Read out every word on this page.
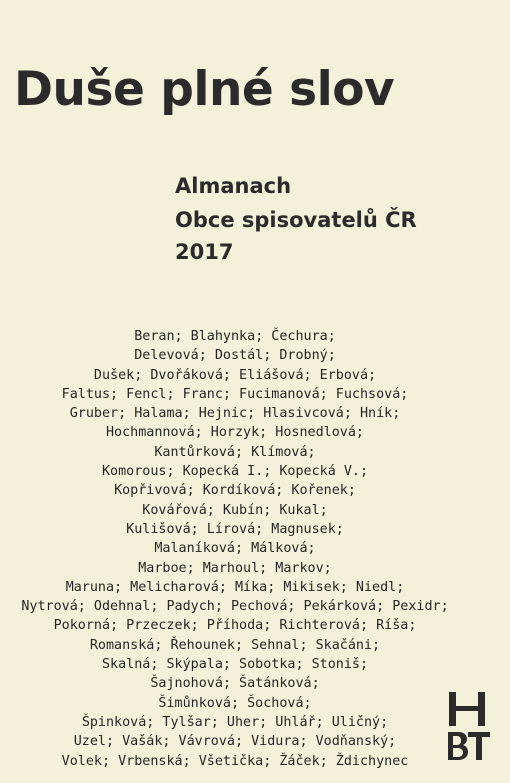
Duše plné slov

Almanach

Obce spisovatelů ČR

2017

Beran; Blahynka; Čechura;
Delevová; Dostál; Drobný;
Dušek; Dvořáková; Eliášová; Erbová;
Faltus; Fencl; Franc; Fucimanová; Fuchsová;
Gruber; Halama; Hejnic; Hlasivcová; Hník;
Hochmannová; Horzyk; Hosnedlová;
Kantůrková; Klímová;
Komorous; Kopecká I.; Kopecká V.;
Kopřivová; Kordíková; Kořenek;
Kovářová; Kubín; Kukal;
Kulišová; Lírová; Magnusek;
Malaníková; Málková;
Marboe; Marhoul; Markov;
Maruna; Melicharová; Míka; Mikisek; Niedl;
Nytrová; Odehnal; Padych; Pechová; Pekárková; Pexidr;
Pokorná; Przeczek; Příhoda; Richterová; Ríša;
Romanská; Řehounek; Sehnal; Skačáni;
Skalná; Skýpala; Sobotka; Stoniš;
Šajnohová; Šatánková;
Šimůnková; Šochová;
Špinková; Tylšar; Uher; Uhlář; Uličný;
Uzel; Vašák; Vávrová; Vidura; Vodňanský;
Volek; Vrbenská; Všetička; Žáček; Ždichynec
